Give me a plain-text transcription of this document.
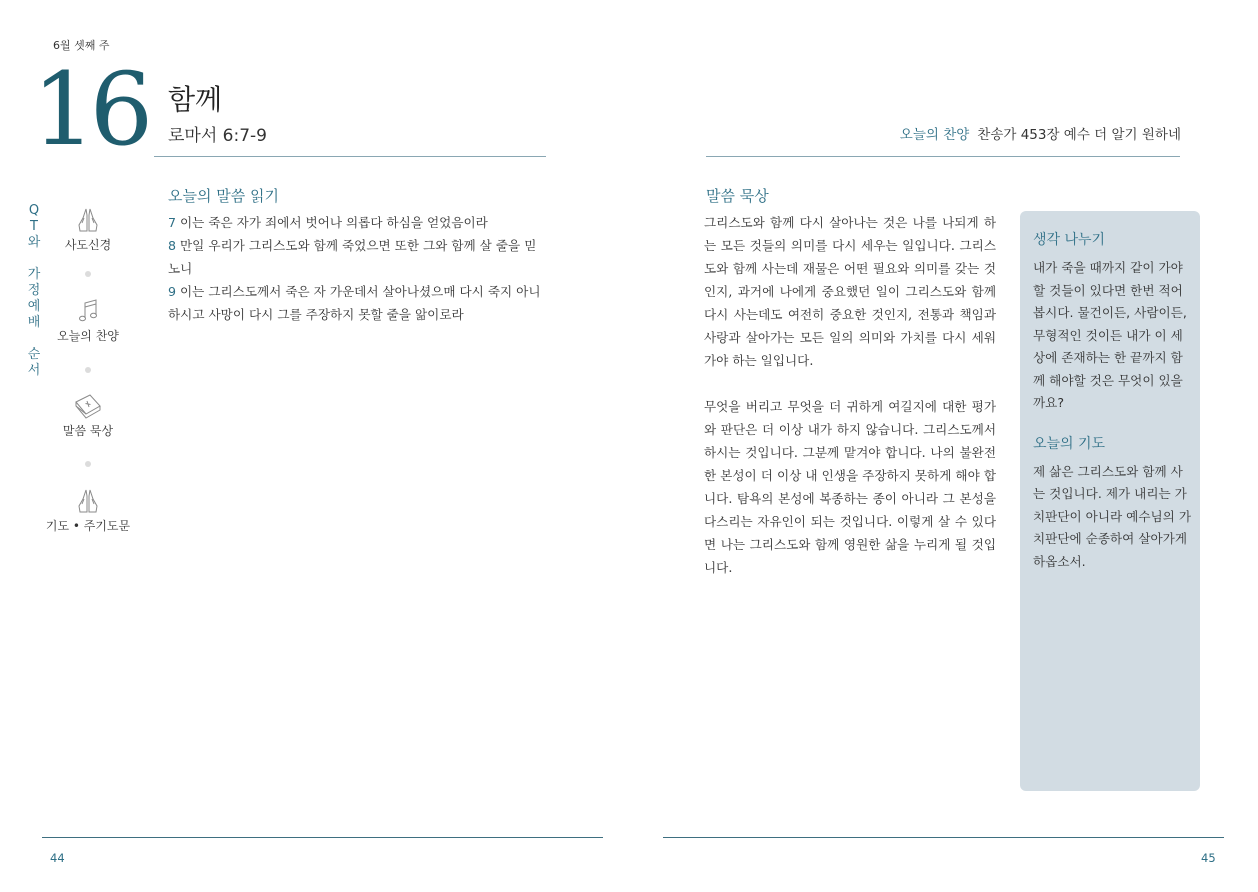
6월 셋째 주
16 함께
로마서 6:7-9	오늘의 찬양 찬송가 453장 예수 더 알기 원하네
Q
T
와
가
정
예
배
순
서
사도신경
오늘의 찬양
말씀 묵상
기도 • 주기도문
오늘의 말씀 읽기
7 이는 죽은 자가 죄에서 벗어나 의롭다 하심을 얻었음이라
8 만일 우리가 그리스도와 함께 죽었으면 또한 그와 함께 살 줄을 믿노니
9 이는 그리스도께서 죽은 자 가운데서 살아나셨으매 다시 죽지 아니하시고 사망이 다시 그를 주장하지 못할 줄을 앎이로라
말씀 묵상

그리스도와 함께 다시 살아나는 것은 나를 나되게 하는 모든 것들의 의미를 다시 세우는 일입니다. 그리스도와 함께 사는데 재물은 어떤 필요와 의미를 갖는 것인지, 과거에 나에게 중요했던 일이 그리스도와 함께 다시 사는데도 여전히 중요한 것인지, 전통과 책임과 사랑과 살아가는 모든 일의 의미와 가치를 다시 세워가야 하는 일입니다.

무엇을 버리고 무엇을 더 귀하게 여길지에 대한 평가와 판단은 더 이상 내가 하지 않습니다. 그리스도께서 하시는 것입니다. 그분께 맡겨야 합니다. 나의 불완전한 본성이 더 이상 내 인생을 주장하지 못하게 해야 합니다. 탐욕의 본성에 복종하는 종이 아니라 그 본성을 다스리는 자유인이 되는 것입니다. 이렇게 살 수 있다면 나는 그리스도와 함께 영원한 삶을 누리게 될 것입니다.

생각 나누기
내가 죽을 때까지 같이 가야 할 것들이 있다면 한번 적어 봅시다. 물건이든, 사람이든, 무형적인 것이든 내가 이 세상에 존재하는 한 끝까지 함께 해야할 것은 무엇이 있을까요?
오늘의 기도
제 삶은 그리스도와 함께 사는 것입니다. 제가 내리는 가치판단이 아니라 예수님의 가치판단에 순종하여 살아가게 하옵소서.
44	45
